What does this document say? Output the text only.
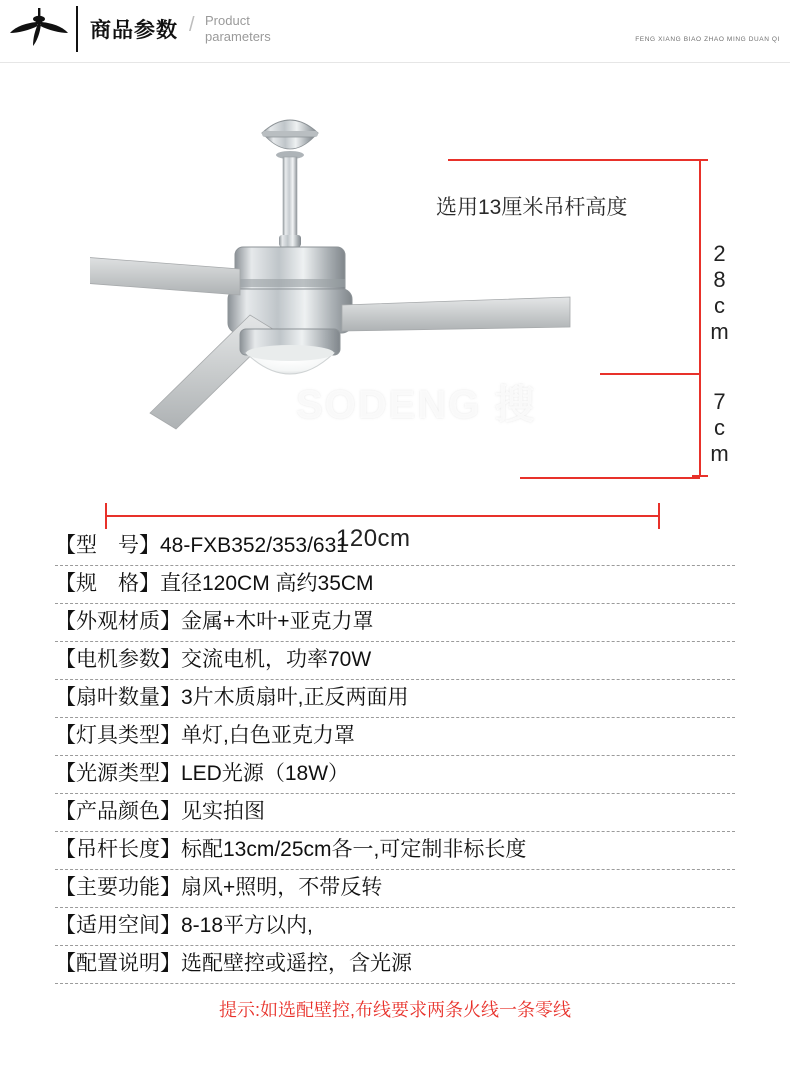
商品参数 / Product
parameters	FENG XIANG BIAO ZHAO MING DUAN QI
SODENG 搜
选用13厘米吊杆高度
28cm
7cm
120cm
【型　号】48-FXB352/353/631
【规　格】直径120CM 高约35CM
【外观材质】金属+木叶+亚克力罩
【电机参数】交流电机，功率70W
【扇叶数量】3片木质扇叶,正反两面用
【灯具类型】单灯,白色亚克力罩
【光源类型】LED光源（18W）
【产品颜色】见实拍图
【吊杆长度】标配13cm/25cm各一,可定制非标长度
【主要功能】扇风+照明，不带反转
【适用空间】8-18平方以内,
【配置说明】选配壁控或遥控，含光源
提示:如选配壁控,布线要求两条火线一条零线
